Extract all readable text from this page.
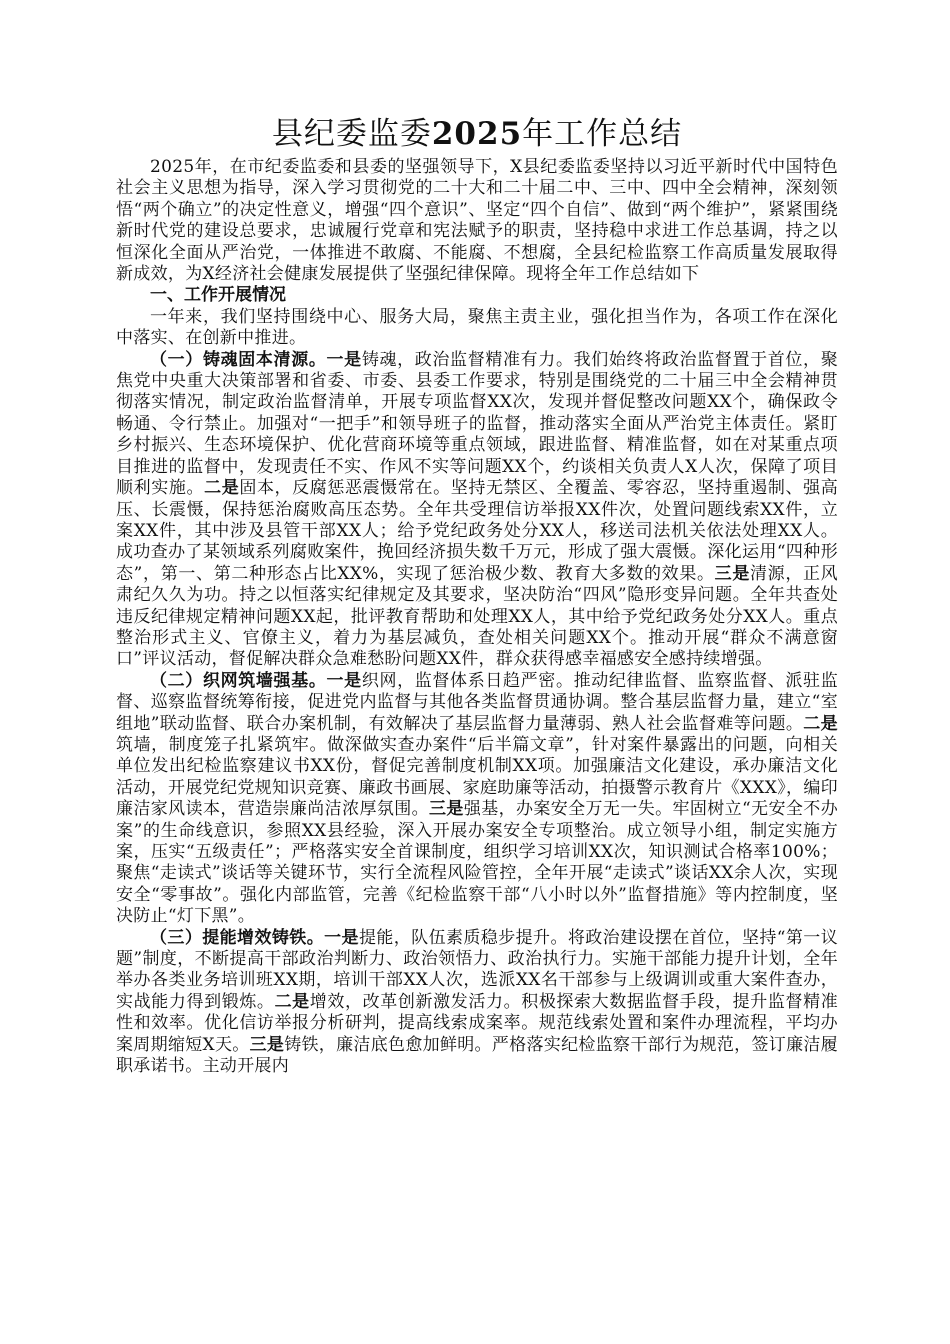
县纪委监委2025年工作总结

2025年，在市纪委监委和县委的坚强领导下，X县纪委监委坚持以习近平新时代中国特色社会主义思想为指导，深入学习贯彻党的二十大和二十届二中、三中、四中全会精神，深刻领悟“两个确立”的决定性意义，增强“四个意识”、坚定“四个自信”、做到“两个维护”，紧紧围绕新时代党的建设总要求，忠诚履行党章和宪法赋予的职责，坚持稳中求进工作总基调，持之以恒深化全面从严治党，一体推进不敢腐、不能腐、不想腐，全县纪检监察工作高质量发展取得新成效，为X经济社会健康发展提供了坚强纪律保障。现将全年工作总结如下

一、工作开展情况

一年来，我们坚持围绕中心、服务大局，聚焦主责主业，强化担当作为，各项工作在深化中落实、在创新中推进。

（一）铸魂固本清源。一是铸魂，政治监督精准有力。我们始终将政治监督置于首位，聚焦党中央重大决策部署和省委、市委、县委工作要求，特别是围绕党的二十届三中全会精神贯彻落实情况，制定政治监督清单，开展专项监督XX次，发现并督促整改问题XX个，确保政令畅通、令行禁止。加强对“一把手”和领导班子的监督，推动落实全面从严治党主体责任。紧盯乡村振兴、生态环境保护、优化营商环境等重点领域，跟进监督、精准监督，如在对某重点项目推进的监督中，发现责任不实、作风不实等问题XX个，约谈相关负责人X人次，保障了项目顺利实施。二是固本，反腐惩恶震慑常在。坚持无禁区、全覆盖、零容忍，坚持重遏制、强高压、长震慑，保持惩治腐败高压态势。全年共受理信访举报XX件次，处置问题线索XX件，立案XX件，其中涉及县管干部XX人；给予党纪政务处分XX人，移送司法机关依法处理XX人。成功查办了某领域系列腐败案件，挽回经济损失数千万元，形成了强大震慑。深化运用“四种形态”，第一、第二种形态占比XX%，实现了惩治极少数、教育大多数的效果。三是清源，正风肃纪久久为功。持之以恒落实纪律规定及其要求，坚决防治“四风”隐形变异问题。全年共查处违反纪律规定精神问题XX起，批评教育帮助和处理XX人，其中给予党纪政务处分XX人。重点整治形式主义、官僚主义，着力为基层减负，查处相关问题XX个。推动开展“群众不满意窗口”评议活动，督促解决群众急难愁盼问题XX件，群众获得感幸福感安全感持续增强。

（二）织网筑墙强基。一是织网，监督体系日趋严密。推动纪律监督、监察监督、派驻监督、巡察监督统筹衔接，促进党内监督与其他各类监督贯通协调。整合基层监督力量，建立“室组地”联动监督、联合办案机制，有效解决了基层监督力量薄弱、熟人社会监督难等问题。二是筑墙，制度笼子扎紧筑牢。做深做实查办案件“后半篇文章”，针对案件暴露出的问题，向相关单位发出纪检监察建议书XX份，督促完善制度机制XX项。加强廉洁文化建设，承办廉洁文化活动，开展党纪党规知识竞赛、廉政书画展、家庭助廉等活动，拍摄警示教育片《XXX》，编印廉洁家风读本，营造崇廉尚洁浓厚氛围。三是强基，办案安全万无一失。牢固树立“无安全不办案”的生命线意识，参照XX县经验，深入开展办案安全专项整治。成立领导小组，制定实施方案，压实“五级责任”；严格落实安全首课制度，组织学习培训XX次，知识测试合格率100%；聚焦“走读式”谈话等关键环节，实行全流程风险管控，全年开展“走读式”谈话XX余人次，实现安全“零事故”。强化内部监管，完善《纪检监察干部“八小时以外”监督措施》等内控制度，坚决防止“灯下黑”。

（三）提能增效铸铁。一是提能，队伍素质稳步提升。将政治建设摆在首位，坚持“第一议题”制度，不断提高干部政治判断力、政治领悟力、政治执行力。实施干部能力提升计划，全年举办各类业务培训班XX期，培训干部XX人次，选派XX名干部参与上级调训或重大案件查办，实战能力得到锻炼。二是增效，改革创新激发活力。积极探索大数据监督手段，提升监督精准性和效率。优化信访举报分析研判，提高线索成案率。规范线索处置和案件办理流程，平均办案周期缩短X天。三是铸铁，廉洁底色愈加鲜明。严格落实纪检监察干部行为规范，签订廉洁履职承诺书。主动开展内
